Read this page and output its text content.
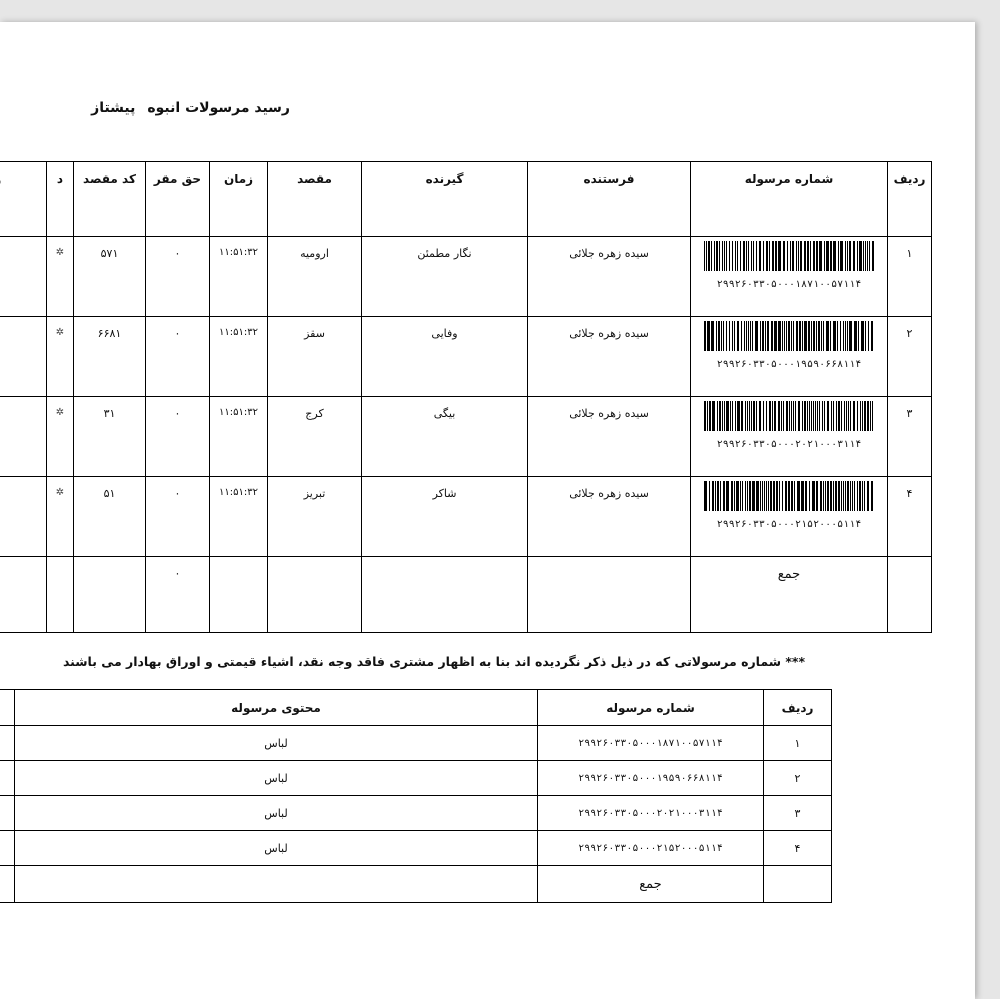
رسید مرسولات انبوهپیشتاز
ردیف	شماره مرسوله	فرستنده	گیرنده	مقصد	زمان	حق مقر	کد مقصد	د	
۱	۲۹۹۲۶۰۳۳۰۵۰۰۰۱۸۷۱۰۰۵۷۱۱۴	سیده زهره جلائی	نگار مطمئن	ارومیه	۱۱:۵۱:۳۲	۰	۵۷۱	✲	
۲	۲۹۹۲۶۰۳۳۰۵۰۰۰۱۹۵۹۰۶۶۸۱۱۴	سیده زهره جلائی	وفایی	سقز	۱۱:۵۱:۳۲	۰	۶۶۸۱	✲	
۳	۲۹۹۲۶۰۳۳۰۵۰۰۰۲۰۲۱۰۰۰۳۱۱۴	سیده زهره جلائی	بیگی	کرج	۱۱:۵۱:۳۲	۰	۳۱	✲	
۴	۲۹۹۲۶۰۳۳۰۵۰۰۰۲۱۵۲۰۰۰۵۱۱۴	سیده زهره جلائی	شاکر	تبریز	۱۱:۵۱:۳۲	۰	۵۱	✲	
	جمع					۰			
*** شماره مرسولاتی که در ذیل ذکر نگردیده اند بنا به اظهار مشتری فاقد وجه نقد، اشیاء قیمتی و اوراق بهادار می باشند
ردیف	شماره مرسوله	محتوی مرسوله	
۱	۲۹۹۲۶۰۳۳۰۵۰۰۰۱۸۷۱۰۰۵۷۱۱۴	لباس	
۲	۲۹۹۲۶۰۳۳۰۵۰۰۰۱۹۵۹۰۶۶۸۱۱۴	لباس	
۳	۲۹۹۲۶۰۳۳۰۵۰۰۰۲۰۲۱۰۰۰۳۱۱۴	لباس	
۴	۲۹۹۲۶۰۳۳۰۵۰۰۰۲۱۵۲۰۰۰۵۱۱۴	لباس	
	جمع		
